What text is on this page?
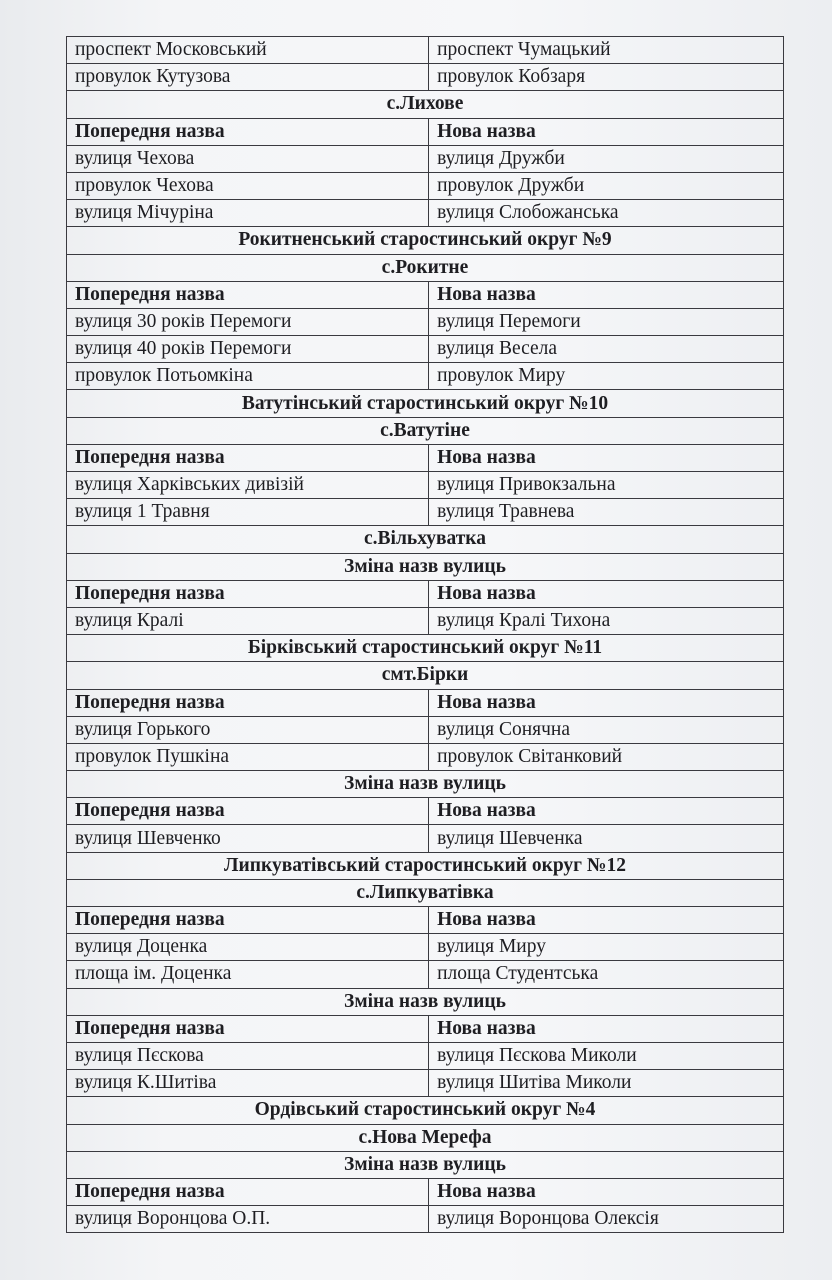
проспект Московський	проспект Чумацький
провулок Кутузова	провулок Кобзаря
с.Лихове	
Попередня назва	Нова назва
вулиця Чехова	вулиця Дружби
провулок Чехова	провулок Дружби
вулиця Мічуріна	вулиця Слобожанська
Рокитненський старостинський округ №9	
с.Рокитне	
Попередня назва	Нова назва
вулиця 30 років Перемоги	вулиця Перемоги
вулиця 40 років Перемоги	вулиця Весела
провулок Потьомкіна	провулок Миру
Ватутінський старостинський округ №10	
с.Ватутіне	
Попередня назва	Нова назва
вулиця Харківських дивізій	вулиця Привокзальна
вулиця 1 Травня	вулиця Травнева
с.Вільхуватка	
Зміна назв вулиць	
Попередня назва	Нова назва
вулиця Кралі	вулиця Кралі Тихона
Бірківський старостинський округ №11	
смт.Бірки	
Попередня назва	Нова назва
вулиця Горького	вулиця Сонячна
провулок Пушкіна	провулок Світанковий
Зміна назв вулиць	
Попередня назва	Нова назва
вулиця Шевченко	вулиця Шевченка
Липкуватівський старостинський округ №12	
с.Липкуватівка	
Попередня назва	Нова назва
вулиця Доценка	вулиця Миру
площа ім. Доценка	площа Студентська
Зміна назв вулиць	
Попередня назва	Нова назва
вулиця Пєскова	вулиця Пєскова Миколи
вулиця К.Шитіва	вулиця Шитіва Миколи
Ордівський старостинський округ №4	
с.Нова Мерефа	
Зміна назв вулиць	
Попередня назва	Нова назва
вулиця Воронцова О.П.	вулиця Воронцова Олексія
